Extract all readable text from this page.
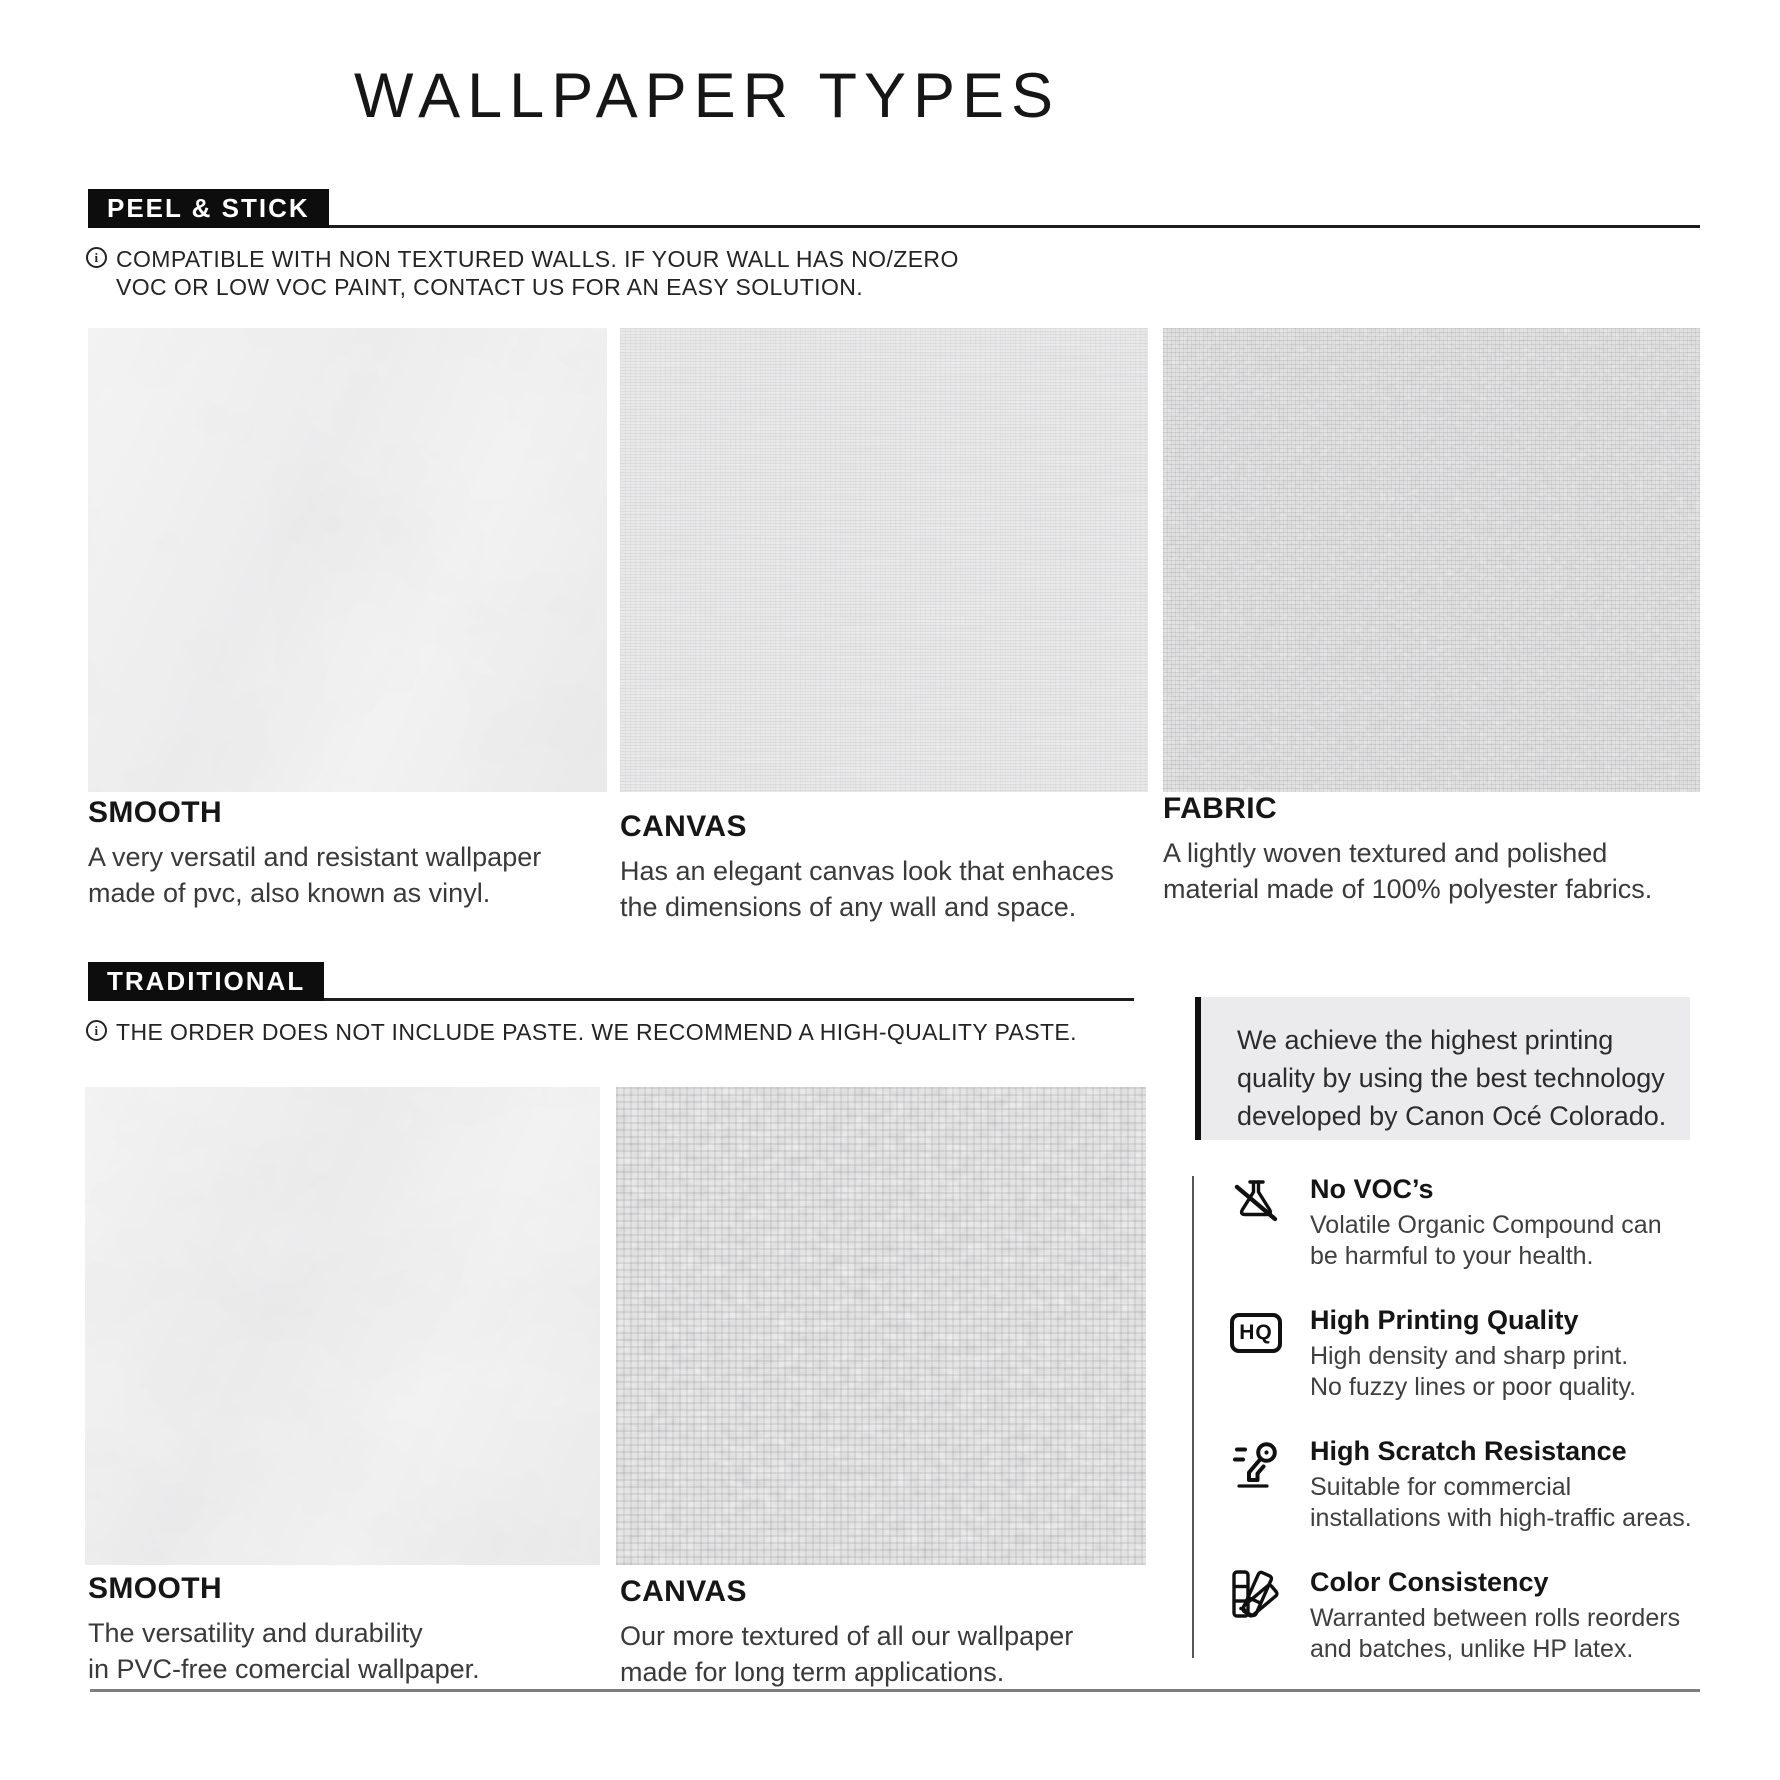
WALLPAPER TYPES
PEEL & STICK
i
COMPATIBLE WITH NON TEXTURED WALLS. IF YOUR WALL HAS NO/ZERO
VOC OR LOW VOC PAINT, CONTACT US FOR AN EASY SOLUTION.
SMOOTH
A very versatil and resistant wallpaper
made of pvc, also known as vinyl.
CANVAS
Has an elegant canvas look that enhaces
the dimensions of any wall and space.
FABRIC
A lightly woven textured and polished
material made of 100% polyester fabrics.
TRADITIONAL
i
THE ORDER DOES NOT INCLUDE PASTE. WE RECOMMEND A HIGH-QUALITY PASTE.
SMOOTH
The versatility and durability
in PVC-free comercial wallpaper.
CANVAS
Our more textured of all our wallpaper
made for long term applications.
We achieve the highest printing
quality by using the best technology
developed by Canon Océ Colorado.
No VOC’s
Volatile Organic Compound can
be harmful to your health.
HQ	High Printing Quality
High density and sharp print.
No fuzzy lines or poor quality.
High Scratch Resistance
Suitable for commercial
installations with high-traffic areas.
Color Consistency
Warranted between rolls reorders
and batches, unlike HP latex.
